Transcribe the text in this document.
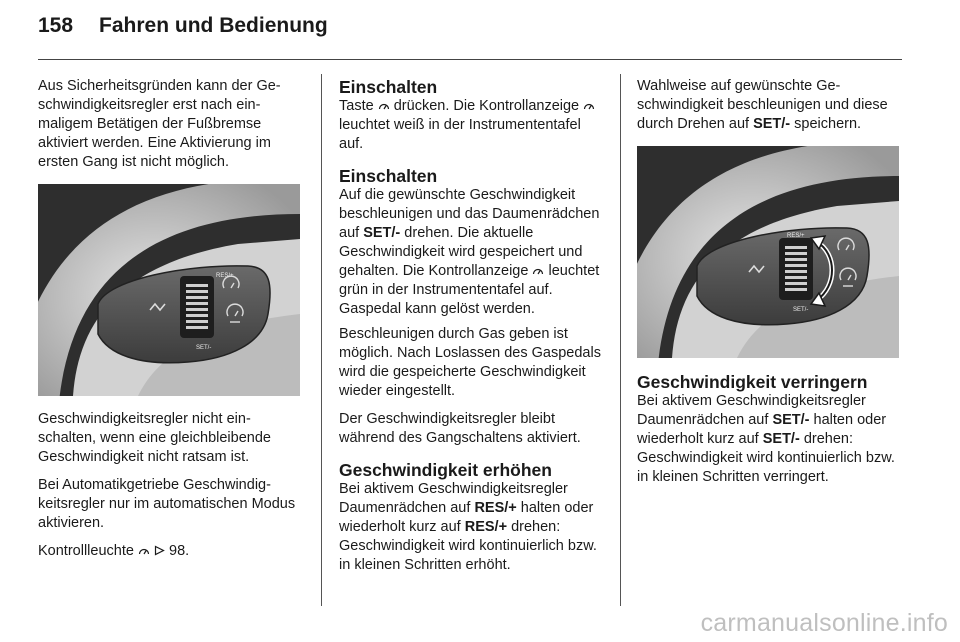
158 Fahren und Bedienung

Aus Sicherheitsgründen kann der Geschwindigkeitsregler erst nach einmaligem Betätigen der Fußbremse aktiviert werden. Eine Aktivierung im ersten Gang ist nicht möglich.

RES/+
SET/-

Geschwindigkeitsregler nicht einschalten, wenn eine gleichbleibende Geschwindigkeit nicht ratsam ist.

Bei Automatikgetriebe Geschwindigkeitsregler nur im automatischen Modus aktivieren.

Kontrollleuchte 98.

Einschalten

Taste drücken. Die Kontrollanzeige  leuchtet weiß in der Instrumententafel auf.

Einschalten

Auf die gewünschte Geschwindigkeit beschleunigen und das Daumenrädchen auf SET/- drehen. Die aktuelle Geschwindigkeit wird gespeichert und gehalten. Die Kontrollanzeige leuchtet grün in der Instrumententafel auf. Gaspedal kann gelöst werden.

Beschleunigen durch Gas geben ist möglich. Nach Loslassen des Gaspedals wird die gespeicherte Geschwindigkeit wieder eingestellt.

Der Geschwindigkeitsregler bleibt während des Gangschaltens aktiviert.

Geschwindigkeit erhöhen

Bei aktivem Geschwindigkeitsregler Daumenrädchen auf RES/+ halten oder wiederholt kurz auf RES/+ drehen: Geschwindigkeit wird kontinuierlich bzw. in kleinen Schritten erhöht.

Wahlweise auf gewünschte Geschwindigkeit beschleunigen und diese durch Drehen auf SET/- speichern.

RES/+
SET/-
Geschwindigkeit verringern

Bei aktivem Geschwindigkeitsregler Daumenrädchen auf SET/- halten oder wiederholt kurz auf SET/- drehen: Geschwindigkeit wird kontinuierlich bzw. in kleinen Schritten verringert.

carmanualsonline.info
